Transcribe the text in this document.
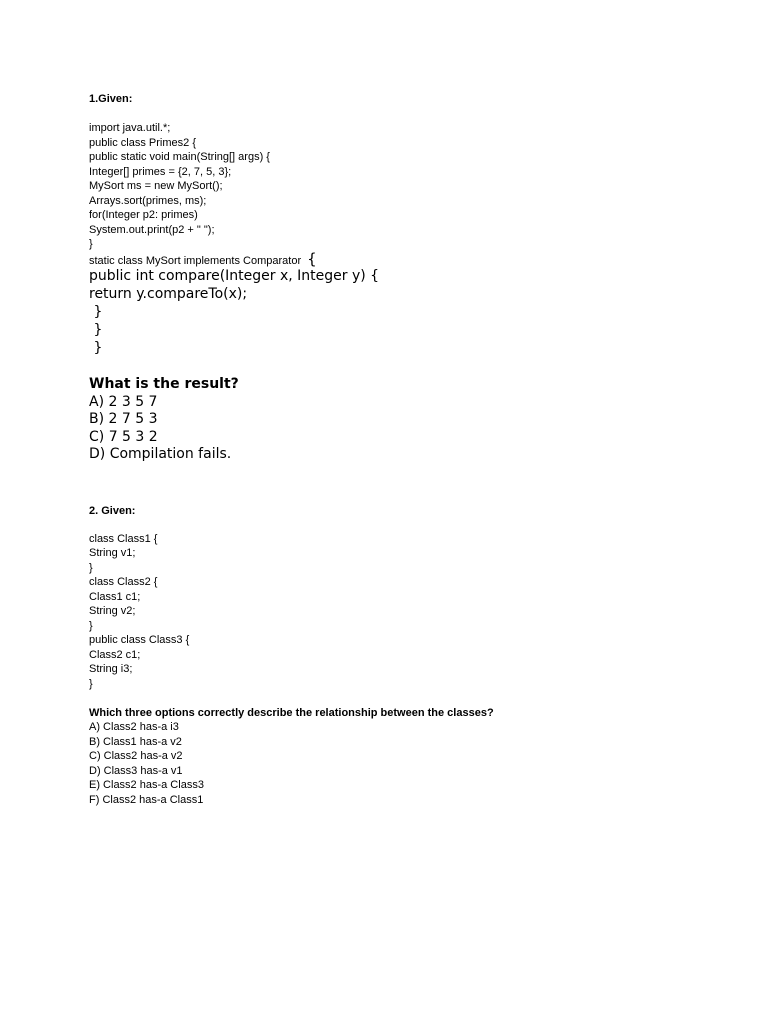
1.Given:

import java.util.*;

public class Primes2 {

public static void main(String[] args) {

Integer[] primes = {2, 7, 5, 3};

MySort ms = new MySort();

Arrays.sort(primes, ms);

for(Integer p2: primes)

System.out.print(p2 + " ");

}

static class MySort implements Comparator {

public int compare(Integer x, Integer y) {

return y.compareTo(x);

}

}

}

What is the result?

A) 2 3 5 7

B) 2 7 5 3

C) 7 5 3 2

D) Compilation fails.

2. Given:

class Class1 {

String v1;

}

class Class2 {

Class1 c1;

String v2;

}

public class Class3 {

Class2 c1;

String i3;

}

Which three options correctly describe the relationship between the classes?

A) Class2 has-a i3

B) Class1 has-a v2

C) Class2 has-a v2

D) Class3 has-a v1

E) Class2 has-a Class3

F) Class2 has-a Class1
